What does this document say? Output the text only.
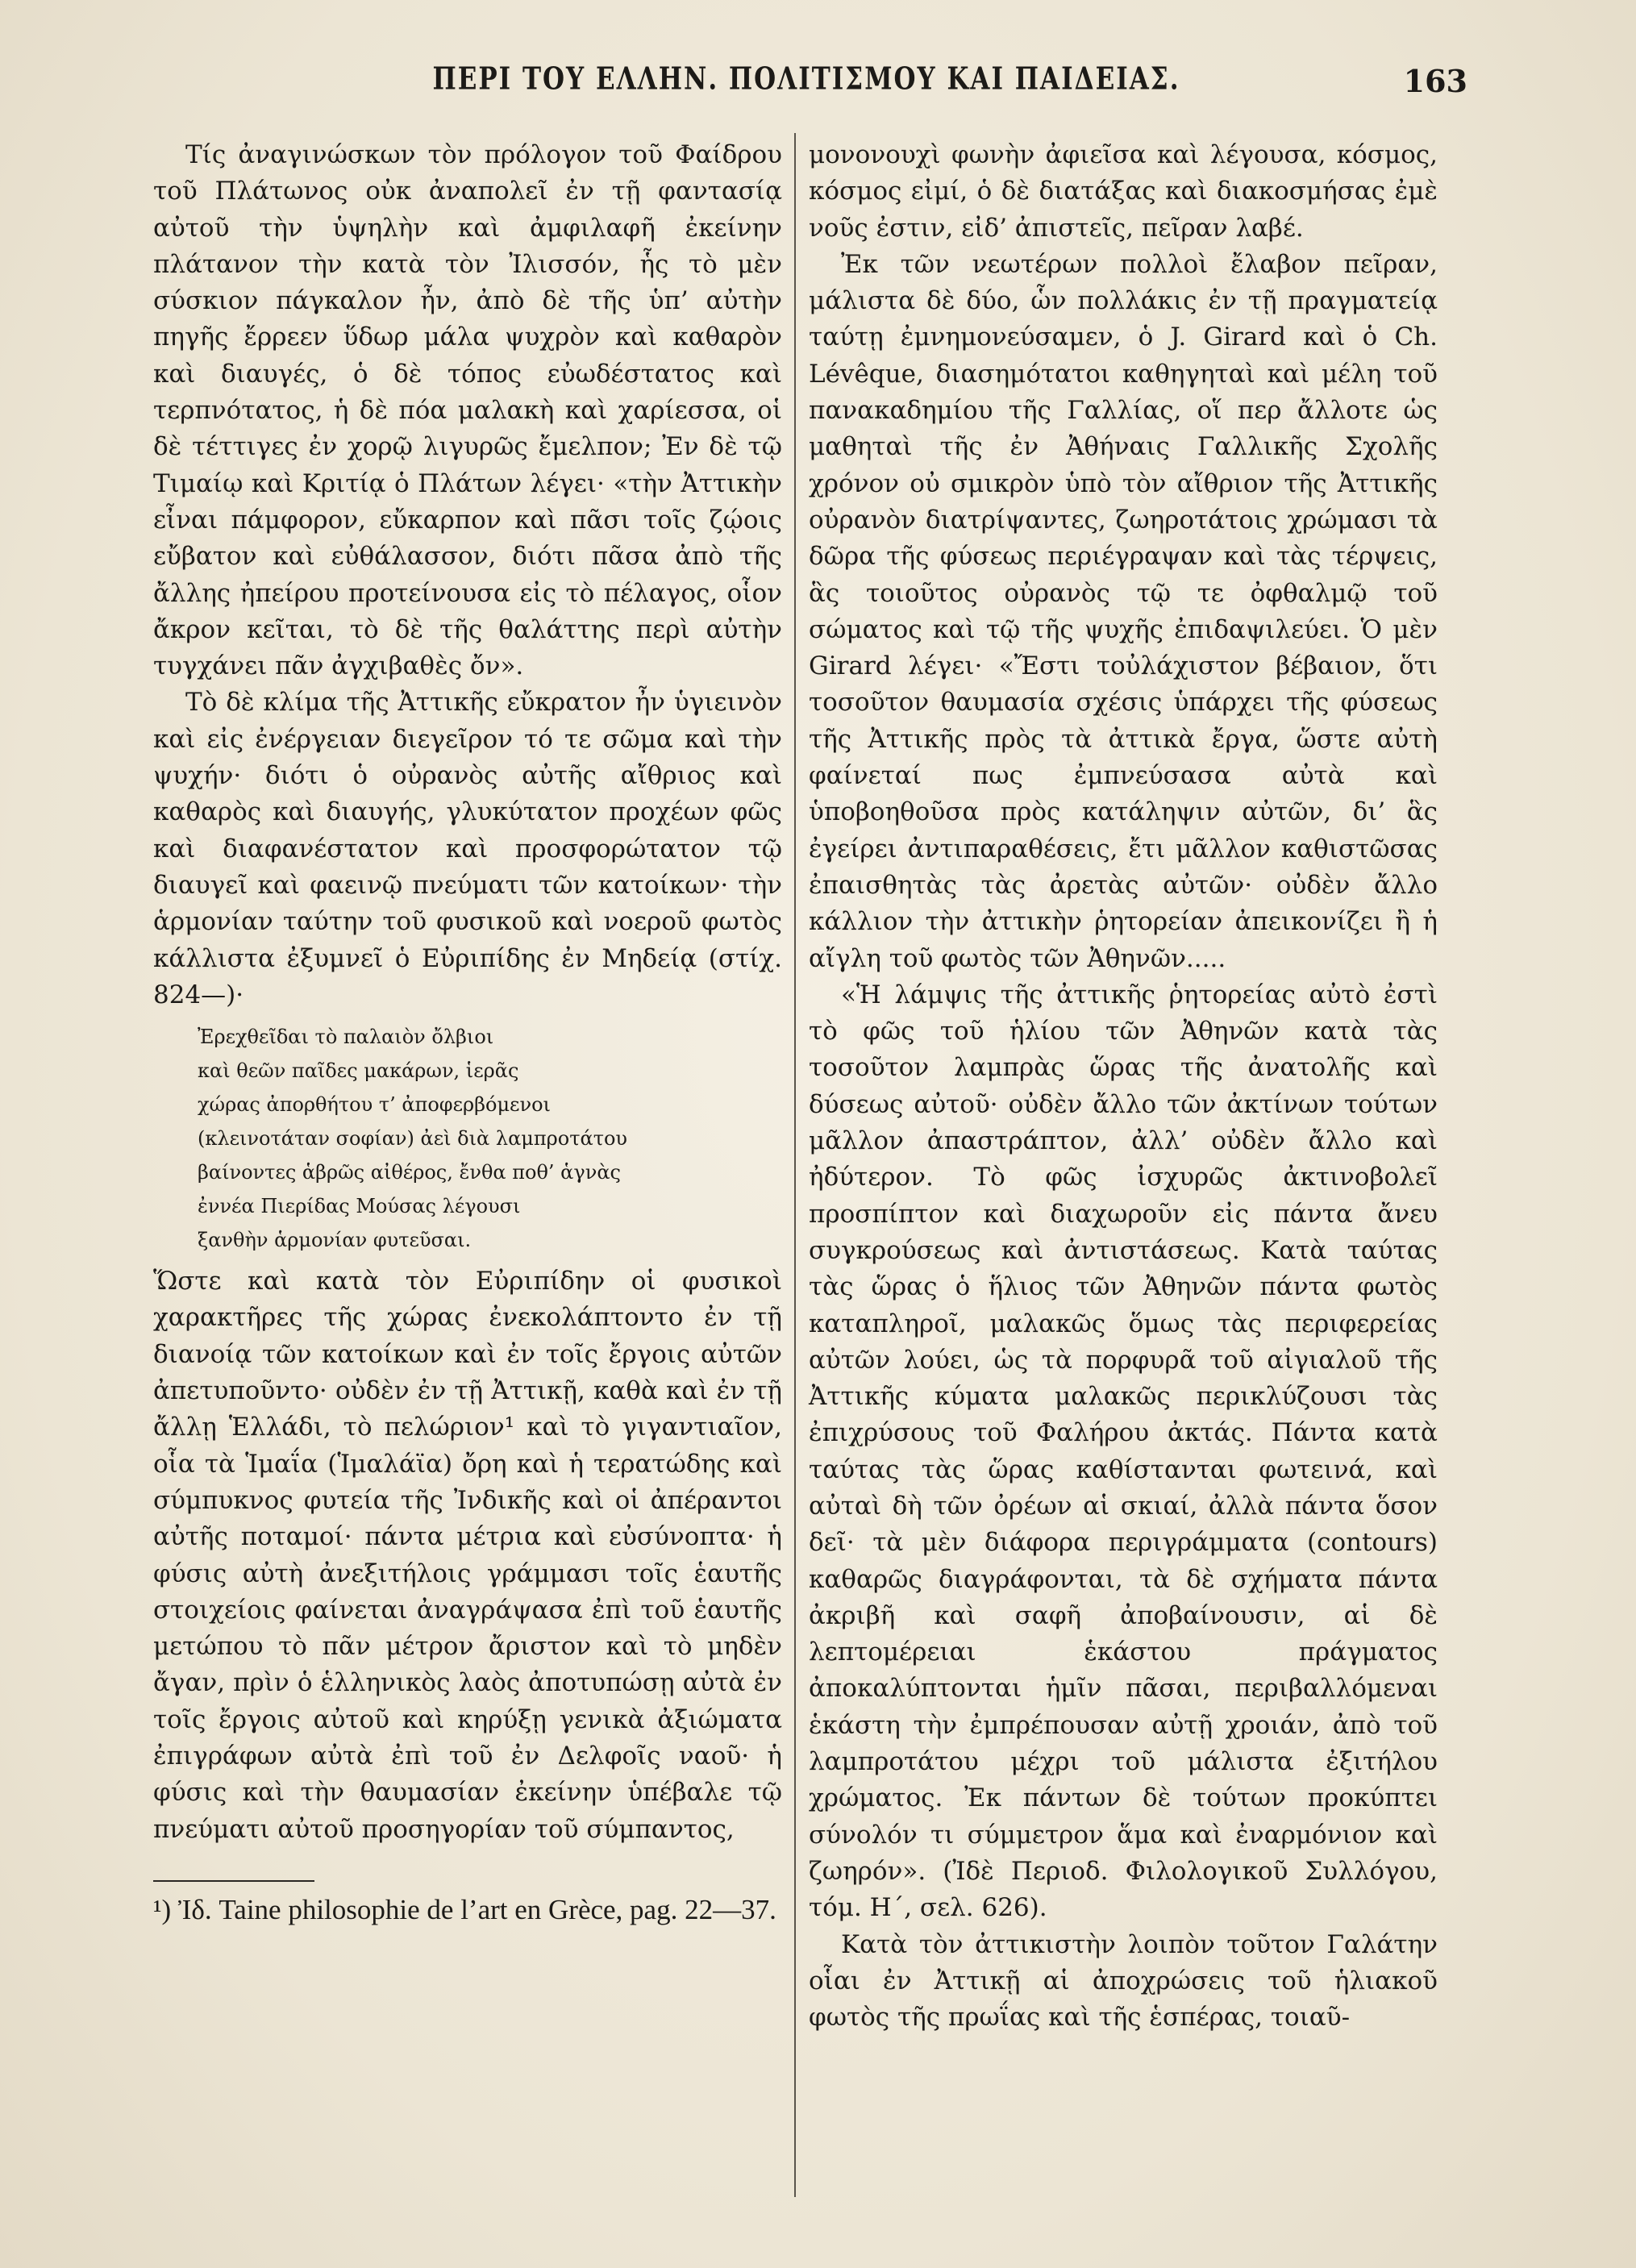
ΠΕΡΙ ΤΟΥ ΕΛΛΗΝ. ΠΟΛΙΤΙΣΜΟΥ ΚΑΙ ΠΑΙΔΕΙΑΣ.	163

Τίς ἀναγινώσκων τὸν πρόλογον τοῦ Φαίδρου τοῦ Πλάτωνος οὐκ ἀναπολεῖ ἐν τῇ φαντασίᾳ αὐτοῦ τὴν ὑψηλὴν καὶ ἀμφιλαφῆ ἐκείνην πλάτανον τὴν κατὰ τὸν Ἰλισσόν, ἧς τὸ μὲν σύσκιον πάγκαλον ἦν, ἀπὸ δὲ τῆς ὑπ’ αὐτὴν πηγῆς ἔρρεεν ὕδωρ μάλα ψυχρὸν καὶ καθαρὸν καὶ διαυγές, ὁ δὲ τόπος εὐωδέστατος καὶ τερπνότατος, ἡ δὲ πόα μαλακὴ καὶ χαρίεσσα, οἱ δὲ τέττιγες ἐν χορῷ λιγυρῶς ἔμελπον; Ἐν δὲ τῷ Τιμαίῳ καὶ Κριτίᾳ ὁ Πλάτων λέγει· «τὴν Ἀττικὴν εἶναι πάμφορον, εὔκαρπον καὶ πᾶσι τοῖς ζῴοις εὔβατον καὶ εὐθάλασσον, διότι πᾶσα ἀπὸ τῆς ἄλλης ἠπείρου προτείνουσα εἰς τὸ πέλαγος, οἷον ἄκρον κεῖται, τὸ δὲ τῆς θαλάττης περὶ αὐτὴν τυγχάνει πᾶν ἀγχιβαθὲς ὄν».

Τὸ δὲ κλίμα τῆς Ἀττικῆς εὔκρατον ἦν ὑγιεινὸν καὶ εἰς ἐνέργειαν διεγεῖρον τό τε σῶμα καὶ τὴν ψυχήν· διότι ὁ οὐρανὸς αὐτῆς αἴθριος καὶ καθαρὸς καὶ διαυγής, γλυκύτατον προχέων φῶς καὶ διαφανέστατον καὶ προσφορώτατον τῷ διαυγεῖ καὶ φαεινῷ πνεύματι τῶν κατοίκων· τὴν ἁρμονίαν ταύτην τοῦ φυσικοῦ καὶ νοεροῦ φωτὸς κάλλιστα ἐξυμνεῖ ὁ Εὐριπίδης ἐν Μηδείᾳ (στίχ. 824—)·

Ἐρεχθεῖδαι τὸ παλαιὸν ὄλβιοι
καὶ θεῶν παῖδες μακάρων, ἱερᾶς
χώρας ἀπορθήτου τ’ ἀποφερβόμενοι
(κλεινοτάταν σοφίαν) ἀεὶ διὰ λαμπροτάτου
βαίνοντες ἁβρῶς αἰθέρος, ἔνθα ποθ’ ἁγνὰς
ἐννέα Πιερίδας Μούσας λέγουσι
ξανθὴν ἁρμονίαν φυτεῦσαι.

Ὥστε καὶ κατὰ τὸν Εὐριπίδην οἱ φυσικοὶ χαρακτῆρες τῆς χώρας ἐνεκολάπτοντο ἐν τῇ διανοίᾳ τῶν κατοίκων καὶ ἐν τοῖς ἔργοις αὐτῶν ἀπετυποῦντο· οὐδὲν ἐν τῇ Ἀττικῇ, καθὰ καὶ ἐν τῇ ἄλλῃ Ἑλλάδι, τὸ πελώριον¹ καὶ τὸ γιγαντιαῖον, οἷα τὰ Ἱμαΐα (Ἱμαλάϊα) ὄρη καὶ ἡ τερατώδης καὶ σύμπυκνος φυτεία τῆς Ἰνδικῆς καὶ οἱ ἀπέραντοι αὐτῆς ποταμοί· πάντα μέτρια καὶ εὐσύνοπτα· ἡ φύσις αὐτὴ ἀνεξιτήλοις γράμμασι τοῖς ἑαυτῆς στοιχείοις φαίνεται ἀναγράψασα ἐπὶ τοῦ ἑαυτῆς μετώπου τὸ πᾶν μέτρον ἄριστον καὶ τὸ μηδὲν ἄγαν, πρὶν ὁ ἑλληνικὸς λαὸς ἀποτυπώσῃ αὐτὰ ἐν τοῖς ἔργοις αὐτοῦ καὶ κηρύξῃ γενικὰ ἀξιώματα ἐπιγράφων αὐτὰ ἐπὶ τοῦ ἐν Δελφοῖς ναοῦ· ἡ φύσις καὶ τὴν θαυμασίαν ἐκείνην ὑπέβαλε τῷ πνεύματι αὐτοῦ προσηγορίαν τοῦ σύμπαντος,

¹) Ἰδ. Taine philosophie de l’art en Grèce, pag. 22—37.

μονονουχὶ φωνὴν ἀφιεῖσα καὶ λέγουσα, κόσμος, κόσμος εἰμί, ὁ δὲ διατάξας καὶ διακοσμήσας ἐμὲ νοῦς ἐστιν, εἰδ’ ἀπιστεῖς, πεῖραν λαβέ.

Ἐκ τῶν νεωτέρων πολλοὶ ἔλαβον πεῖραν, μάλιστα δὲ δύο, ὧν πολλάκις ἐν τῇ πραγματείᾳ ταύτῃ ἐμνημονεύσαμεν, ὁ J. Girard καὶ ὁ Ch. Lévêque, διασημότατοι καθηγηταὶ καὶ μέλη τοῦ πανακαδημίου τῆς Γαλλίας, οἵ περ ἄλλοτε ὡς μαθηταὶ τῆς ἐν Ἀθήναις Γαλλικῆς Σχολῆς χρόνον οὐ σμικρὸν ὑπὸ τὸν αἴθριον τῆς Ἀττικῆς οὐρανὸν διατρίψαντες, ζωηροτάτοις χρώμασι τὰ δῶρα τῆς φύσεως περιέγραψαν καὶ τὰς τέρψεις, ἃς τοιοῦτος οὐρανὸς τῷ τε ὀφθαλμῷ τοῦ σώματος καὶ τῷ τῆς ψυχῆς ἐπιδαψιλεύει. Ὁ μὲν Girard λέγει· «Ἔστι τοὐλάχιστον βέβαιον, ὅτι τοσοῦτον θαυμασία σχέσις ὑπάρχει τῆς φύσεως τῆς Ἀττικῆς πρὸς τὰ ἀττικὰ ἔργα, ὥστε αὐτὴ φαίνεταί πως ἐμπνεύσασα αὐτὰ καὶ ὑποβοηθοῦσα πρὸς κατάληψιν αὐτῶν, δι’ ἃς ἐγείρει ἀντιπαραθέσεις, ἔτι μᾶλλον καθιστῶσας ἐπαισθητὰς τὰς ἀρετὰς αὐτῶν· οὐδὲν ἄλλο κάλλιον τὴν ἀττικὴν ῥητορείαν ἀπεικονίζει ἢ ἡ αἴγλη τοῦ φωτὸς τῶν Ἀθηνῶν.....

«Ἡ λάμψις τῆς ἀττικῆς ῥητορείας αὐτὸ ἐστὶ τὸ φῶς τοῦ ἡλίου τῶν Ἀθηνῶν κατὰ τὰς τοσοῦτον λαμπρὰς ὥρας τῆς ἀνατολῆς καὶ δύσεως αὐτοῦ· οὐδὲν ἄλλο τῶν ἀκτίνων τούτων μᾶλλον ἀπαστράπτον, ἀλλ’ οὐδὲν ἄλλο καὶ ἠδύτερον. Τὸ φῶς ἰσχυρῶς ἀκτινοβολεῖ προσπίπτον καὶ διαχωροῦν εἰς πάντα ἄνευ συγκρούσεως καὶ ἀντιστάσεως. Κατὰ ταύτας τὰς ὥρας ὁ ἥλιος τῶν Ἀθηνῶν πάντα φωτὸς καταπληροῖ, μαλακῶς ὅμως τὰς περιφερείας αὐτῶν λούει, ὡς τὰ πορφυρᾶ τοῦ αἰγιαλοῦ τῆς Ἀττικῆς κύματα μαλακῶς περικλύζουσι τὰς ἐπιχρύσους τοῦ Φαλήρου ἀκτάς. Πάντα κατὰ ταύτας τὰς ὥρας καθίστανται φωτεινά, καὶ αὐταὶ δὴ τῶν ὀρέων αἱ σκιαί, ἀλλὰ πάντα ὅσον δεῖ· τὰ μὲν διάφορα περιγράμματα (contours) καθαρῶς διαγράφονται, τὰ δὲ σχήματα πάντα ἀκριβῆ καὶ σαφῆ ἀποβαίνουσιν, αἱ δὲ λεπτομέρειαι ἑκάστου πράγματος ἀποκαλύπτονται ἡμῖν πᾶσαι, περιβαλλόμεναι ἑκάστη τὴν ἐμπρέπουσαν αὐτῇ χροιάν, ἀπὸ τοῦ λαμπροτάτου μέχρι τοῦ μάλιστα ἐξιτήλου χρώματος. Ἐκ πάντων δὲ τούτων προκύπτει σύνολόν τι σύμμετρον ἅμα καὶ ἐναρμόνιον καὶ ζωηρόν». (Ἰδὲ Περιοδ. Φιλολογικοῦ Συλλόγου, τόμ. Η΄, σελ. 626).

Κατὰ τὸν ἀττικιστὴν λοιπὸν τοῦτον Γαλάτην οἷαι ἐν Ἀττικῇ αἱ ἀποχρώσεις τοῦ ἡλιακοῦ φωτὸς τῆς πρωΐας καὶ τῆς ἑσπέρας, τοιαῦ-
